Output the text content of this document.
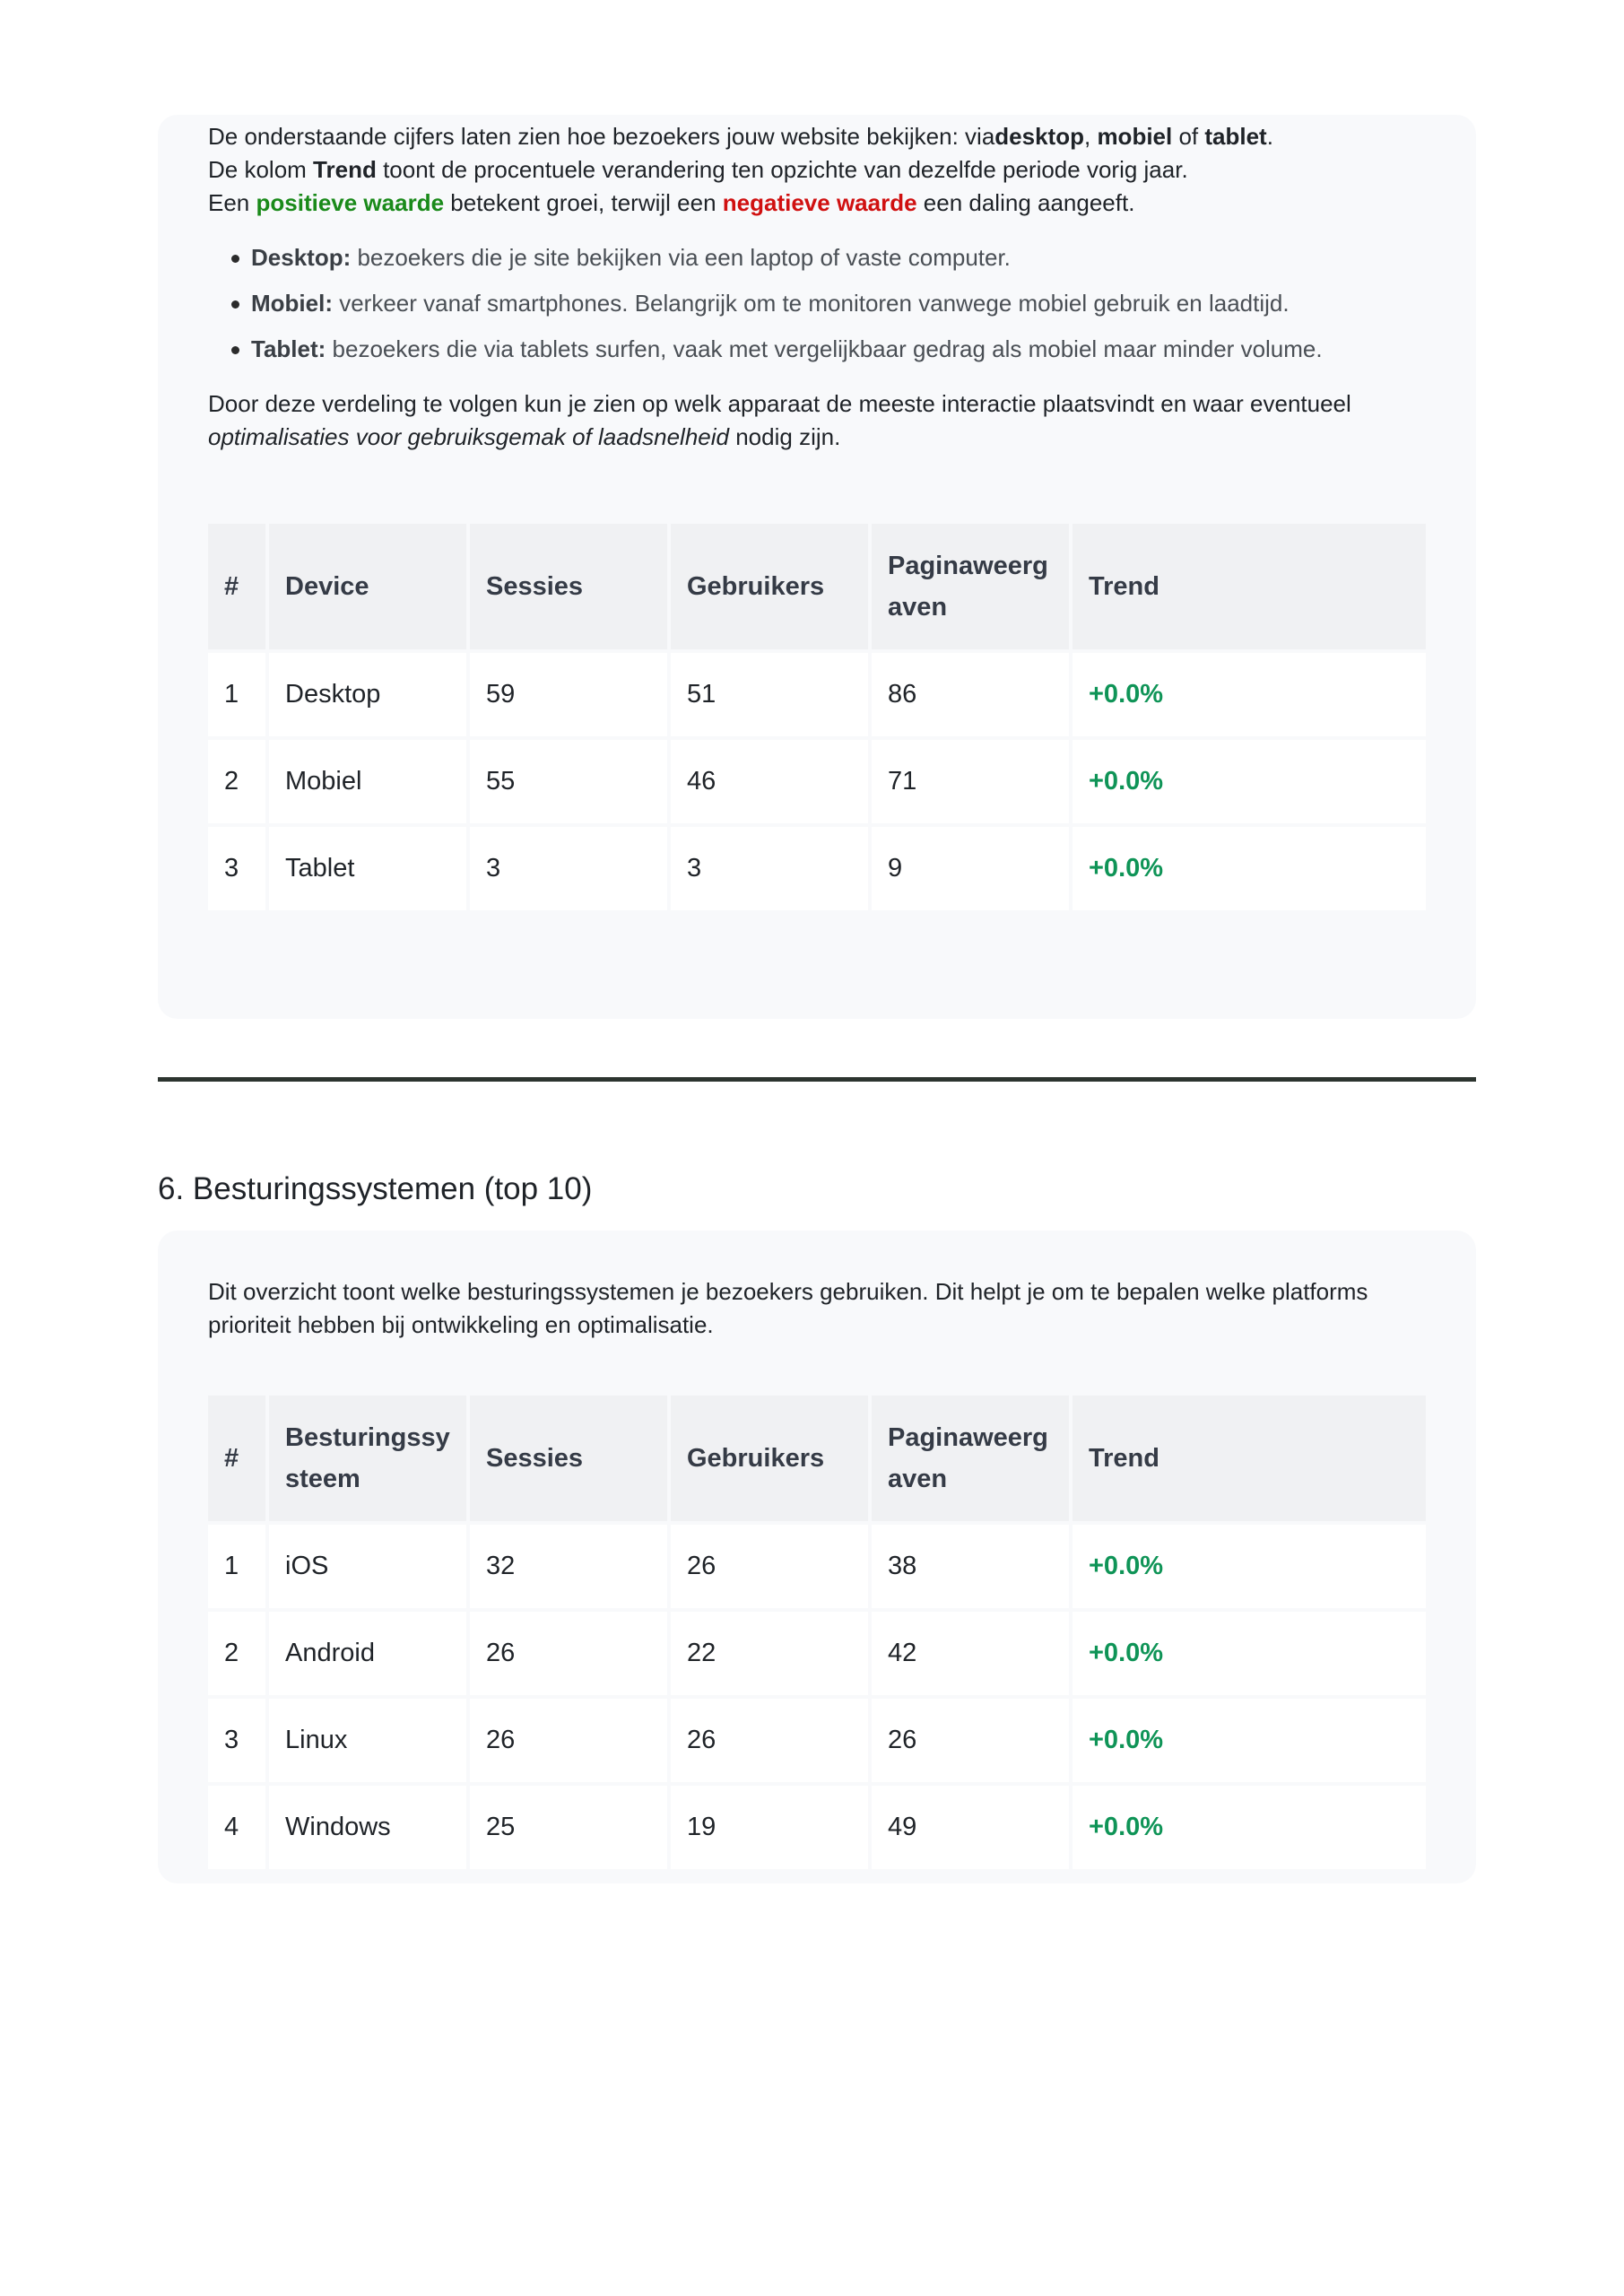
De onderstaande cijfers laten zien hoe bezoekers jouw website bekijken: viadesktop, mobiel of tablet.
De kolom Trend toont de procentuele verandering ten opzichte van dezelfde periode vorig jaar.
Een positieve waarde betekent groei, terwijl een negatieve waarde een daling aangeeft.

Desktop: bezoekers die je site bekijken via een laptop of vaste computer.
Mobiel: verkeer vanaf smartphones. Belangrijk om te monitoren vanwege mobiel gebruik en laadtijd.
Tablet: bezoekers die via tablets surfen, vaak met vergelijkbaar gedrag als mobiel maar minder volume.

Door deze verdeling te volgen kun je zien op welk apparaat de meeste interactie plaatsvindt en waar eventueel optimalisaties voor gebruiksgemak of laadsnelheid nodig zijn.

#	Device	Sessies	Gebruikers	Paginaweergaven	Trend
1	Desktop	59	51	86	+0.0%
2	Mobiel	55	46	71	+0.0%
3	Tablet	3	3	9	+0.0%
6. Besturingssystemen (top 10)

Dit overzicht toont welke besturingssystemen je bezoekers gebruiken. Dit helpt je om te bepalen welke platforms prioriteit hebben bij ontwikkeling en optimalisatie.

#	Besturingssysteem	Sessies	Gebruikers	Paginaweergaven	Trend
1	iOS	32	26	38	+0.0%
2	Android	26	22	42	+0.0%
3	Linux	26	26	26	+0.0%
4	Windows	25	19	49	+0.0%
